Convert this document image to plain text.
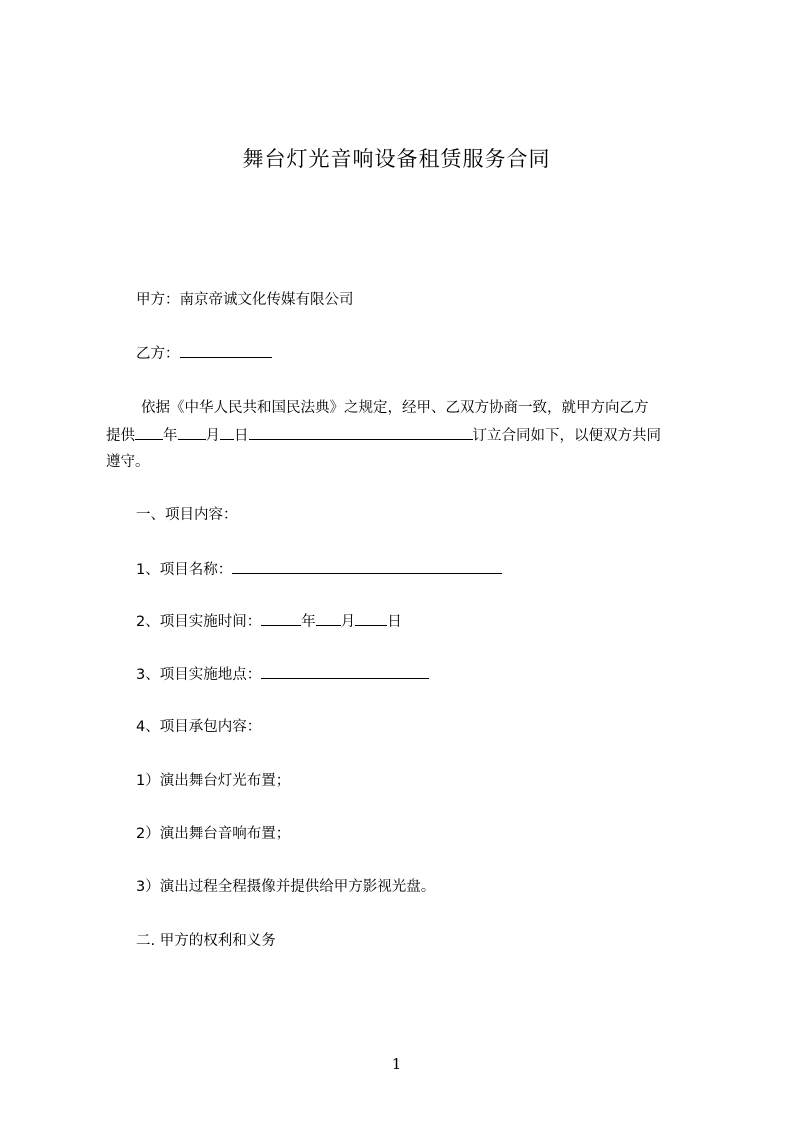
舞台灯光音响设备租赁服务合同
甲方：南京帝诚文化传媒有限公司
乙方：
依据《中华人民共和国民法典》之规定，经甲、乙双方协商一致，就甲方向乙方
提供 年 月 日	订立合同如下，以便双方共同
遵守。
一、项目内容：
1、项目名称：
2、项目实施时间：	年 月 日
3、项目实施地点：
4、项目承包内容：
1）演出舞台灯光布置；
2）演出舞台音响布置；
3）演出过程全程摄像并提供给甲方影视光盘。
二. 甲方的权利和义务
1
